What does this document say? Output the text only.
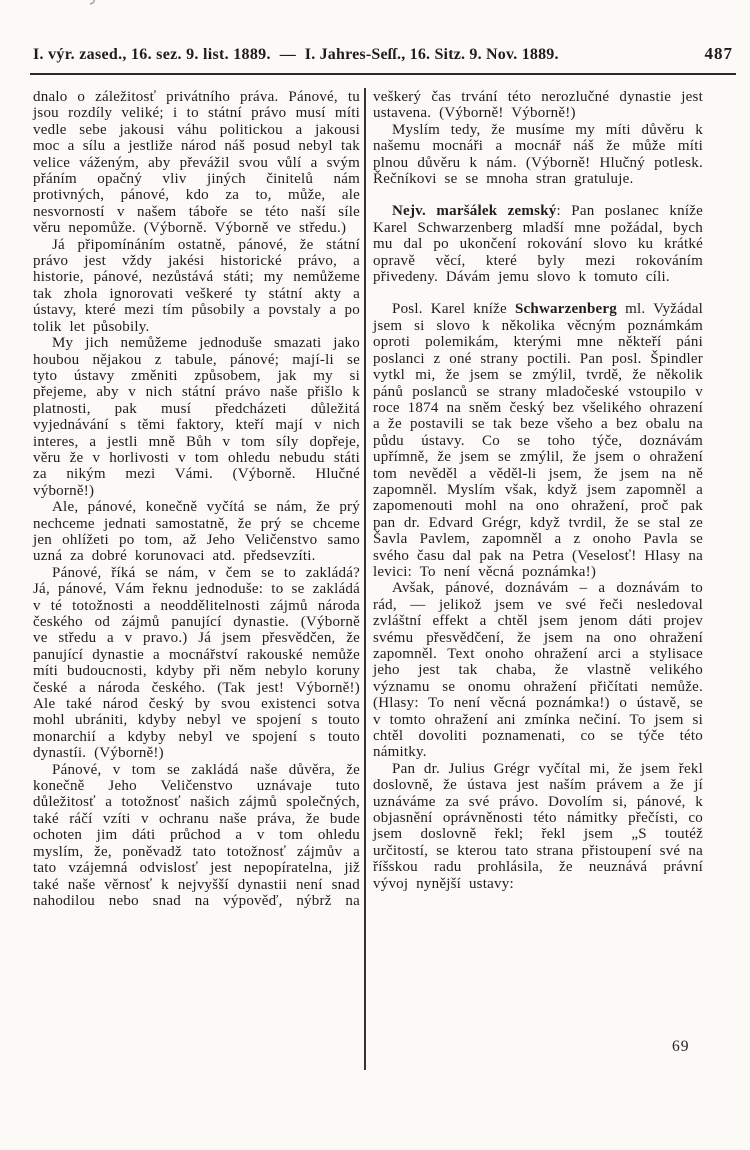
I. výr. zased., 16. sez. 9. list. 1889. — I. Jahres-Seſſ., 16. Sitz. 9. Nov. 1889.	487

dnalo o záležitosť privátního práva. Pánové, tu jsou rozdíly veliké; i to státní právo musí míti vedle sebe jakousi váhu politickou a jakousi moc a sílu a jestliže národ náš posud nebyl tak velice váženým, aby převážil svou vůlí a svým přáním opačný vliv jiných činitelů nám protivných, pánové, kdo za to, může, ale nesvorností v našem táboře se této naší síle věru nepomůže. (Výborně. Výborně ve středu.)

Já připomínáním ostatně, pánové, že státní právo jest vždy jakési historické právo, a historie, pánové, nezůstává státi; my nemůžeme tak zhola ignorovati veškeré ty státní akty a ústavy, které mezi tím působily a povstaly a po tolik let působily.

My jich nemůžeme jednoduše smazati jako houbou nějakou z tabule, pánové; mají-li se tyto ústavy změniti způsobem, jak my si přejeme, aby v nich státní právo naše přišlo k platnosti, pak musí předcházeti důležitá vyjednávání s těmi faktory, kteří mají v nich interes, a jestli mně Bůh v tom síly dopřeje, věru že v horlivosti v tom ohledu nebudu státi za nikým mezi Vámi. (Výborně. Hlučné výborně!)

Ale, pánové, konečně vyčítá se nám, že prý nechceme jednati samostatně, že prý se chceme jen ohlížeti po tom, až Jeho Veličenstvo samo uzná za dobré korunovaci atd. předsevzíti.

Pánové, říká se nám, v čem se to zakládá? Já, pánové, Vám řeknu jednoduše: to se zakládá v té totožnosti a neoddělitelnosti zájmů národa českého od zájmů panující dynastie. (Výborně ve středu a v pravo.) Já jsem přesvědčen, že panující dynastie a mocnářství rakouské nemůže míti budoucnosti, kdyby při něm nebylo koruny české a národa českého. (Tak jest! Výborně!) Ale také národ český by svou existenci sotva mohl ubrániti, kdyby nebyl ve spojení s touto monarchií a kdyby nebyl ve spojení s touto dynastíi. (Výborně!)

Pánové, v tom se zakládá naše důvěra, že konečně Jeho Veličenstvo uznávaje tuto důležitosť a totožnosť našich zájmů společných, také ráčí vzíti v ochranu naše práva, že bude ochoten jim dáti průchod a v tom ohledu myslím, že, poněvadž tato totožnosť zájmův a tato vzájemná odvislosť jest nepopíratelna, již také naše věrnosť k nejvyšší dynastii není snad nahodilou nebo snad na výpověď, nýbrž na

veškerý čas trvání této nerozlučné dynastie jest ustavena. (Výborně! Výborně!)

Myslím tedy, že musíme my míti důvěru k našemu mocnáři a mocnář náš že může míti plnou důvěru k nám. (Výborně! Hlučný potlesk. Řečníkovi se se mnoha stran gratuluje.

Nejv. maršálek zemský: Pan poslanec kníže Karel Schwarzenberg mladší mne požádal, bych mu dal po ukončení rokování slovo ku krátké opravě věcí, které byly mezi rokováním přivedeny. Dávám jemu slovo k tomuto cíli.

Posl. Karel kníže Schwarzenberg ml. Vyžádal jsem si slovo k několika věcným poznámkám oproti polemikám, kterými mne někteří páni poslanci z oné strany poctili. Pan posl. Špindler vytkl mi, že jsem se zmýlil, tvrdě, že několik pánů poslanců se strany mladočeské vstoupilo v roce 1874 na sněm český bez všelikého ohrazení a že postavili se tak beze všeho a bez obalu na půdu ústavy. Co se toho týče, doznávám upřímně, že jsem se zmýlil, že jsem o ohražení tom nevěděl a věděl-li jsem, že jsem na ně zapomněl. Myslím však, když jsem zapomněl a zapomenouti mohl na ono ohražení, proč pak pan dr. Edvard Grégr, když tvrdil, že se stal ze Šavla Pavlem, zapomněl a z onoho Pavla se svého času dal pak na Petra (Veselosť! Hlasy na levici: To není věcná poznámka!)

Avšak, pánové, doznávám – a doznávám to rád, — jelikož jsem ve své řeči nesledoval zvláštní effekt a chtěl jsem jenom dáti projev svému přesvědčení, že jsem na ono ohražení zapomněl. Text onoho ohražení arci a stylisace jeho jest tak chaba, že vlastně velikého významu se onomu ohražení přičítati nemůže. (Hlasy: To není věcná poznámka!) o ústavě, se v tomto ohražení ani zmínka nečiní. To jsem si chtěl dovoliti poznamenati, co se týče této námitky.

Pan dr. Julius Grégr vyčítal mi, že jsem řekl doslovně, že ústava jest naším právem a že jí uznáváme za své právo. Dovolím si, pánové, k objasnění oprávněnosti této námitky přečísti, co jsem doslovně řekl; řekl jsem „S toutéž určitostí, se kterou tato strana přistoupení své na říšskou radu prohlásila, že neuznává právní vývoj nynější ustavy:

69
